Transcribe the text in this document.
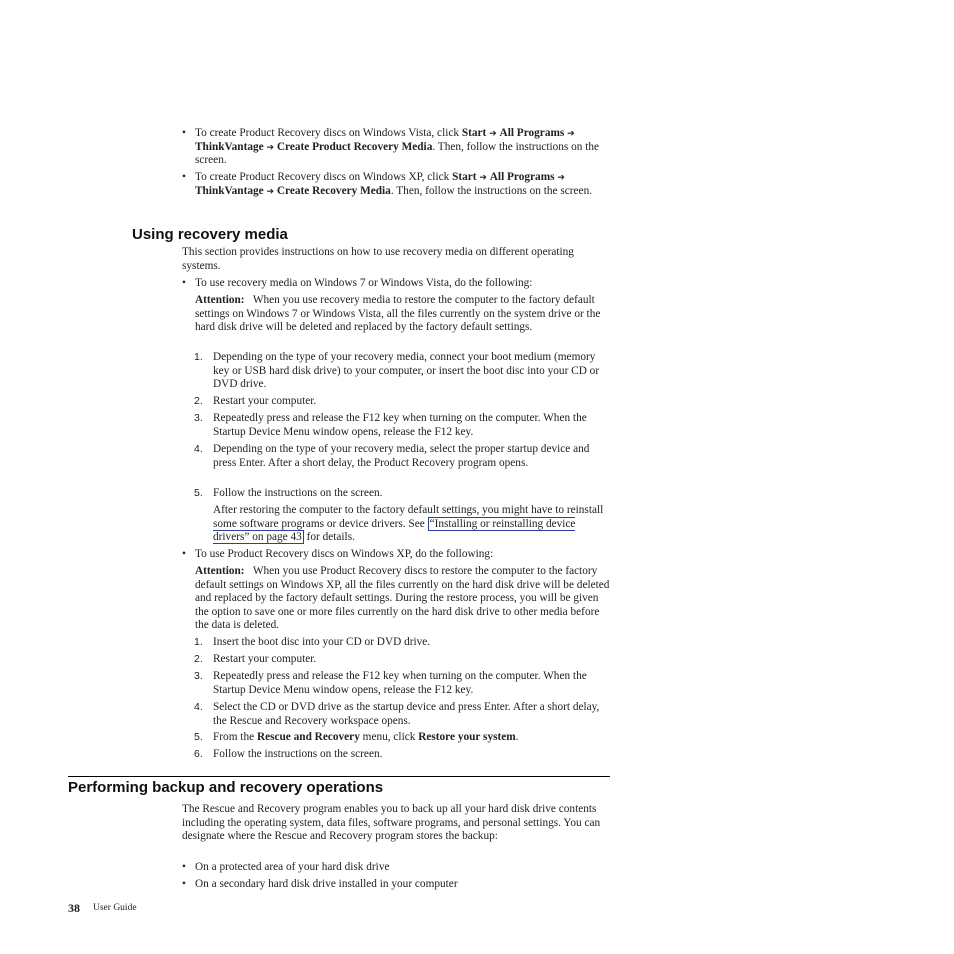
• To create Product Recovery discs on Windows Vista, click Start ➔ All Programs ➔ ThinkVantage ➔ Create Product Recovery Media. Then, follow the instructions on the screen.
• To create Product Recovery discs on Windows XP, click Start ➔ All Programs ➔ ThinkVantage ➔ Create Recovery Media. Then, follow the instructions on the screen.
Using recovery media
This section provides instructions on how to use recovery media on different operating systems.
• To use recovery media on Windows 7 or Windows Vista, do the following:
Attention: When you use recovery media to restore the computer to the factory default settings on Windows 7 or Windows Vista, all the files currently on the system drive or the hard disk drive will be deleted and replaced by the factory default settings.
1. Depending on the type of your recovery media, connect your boot medium (memory key or USB hard disk drive) to your computer, or insert the boot disc into your CD or DVD drive.
2. Restart your computer.
3. Repeatedly press and release the F12 key when turning on the computer. When the Startup Device Menu window opens, release the F12 key.
4. Depending on the type of your recovery media, select the proper startup device and press Enter. After a short delay, the Product Recovery program opens.
5. Follow the instructions on the screen.
After restoring the computer to the factory default settings, you might have to reinstall some software programs or device drivers. See “Installing or reinstalling device drivers” on page 43 for details.
• To use Product Recovery discs on Windows XP, do the following:
Attention: When you use Product Recovery discs to restore the computer to the factory default settings on Windows XP, all the files currently on the hard disk drive will be deleted and replaced by the factory default settings. During the restore process, you will be given the option to save one or more files currently on the hard disk drive to other media before the data is deleted.
1. Insert the boot disc into your CD or DVD drive.
2. Restart your computer.
3. Repeatedly press and release the F12 key when turning on the computer. When the Startup Device Menu window opens, release the F12 key.
4. Select the CD or DVD drive as the startup device and press Enter. After a short delay, the Rescue and Recovery workspace opens.
5. From the Rescue and Recovery menu, click Restore your system.
6. Follow the instructions on the screen.
Performing backup and recovery operations
The Rescue and Recovery program enables you to back up all your hard disk drive contents including the operating system, data files, software programs, and personal settings. You can designate where the Rescue and Recovery program stores the backup:
• On a protected area of your hard disk drive
• On a secondary hard disk drive installed in your computer
38 User Guide
